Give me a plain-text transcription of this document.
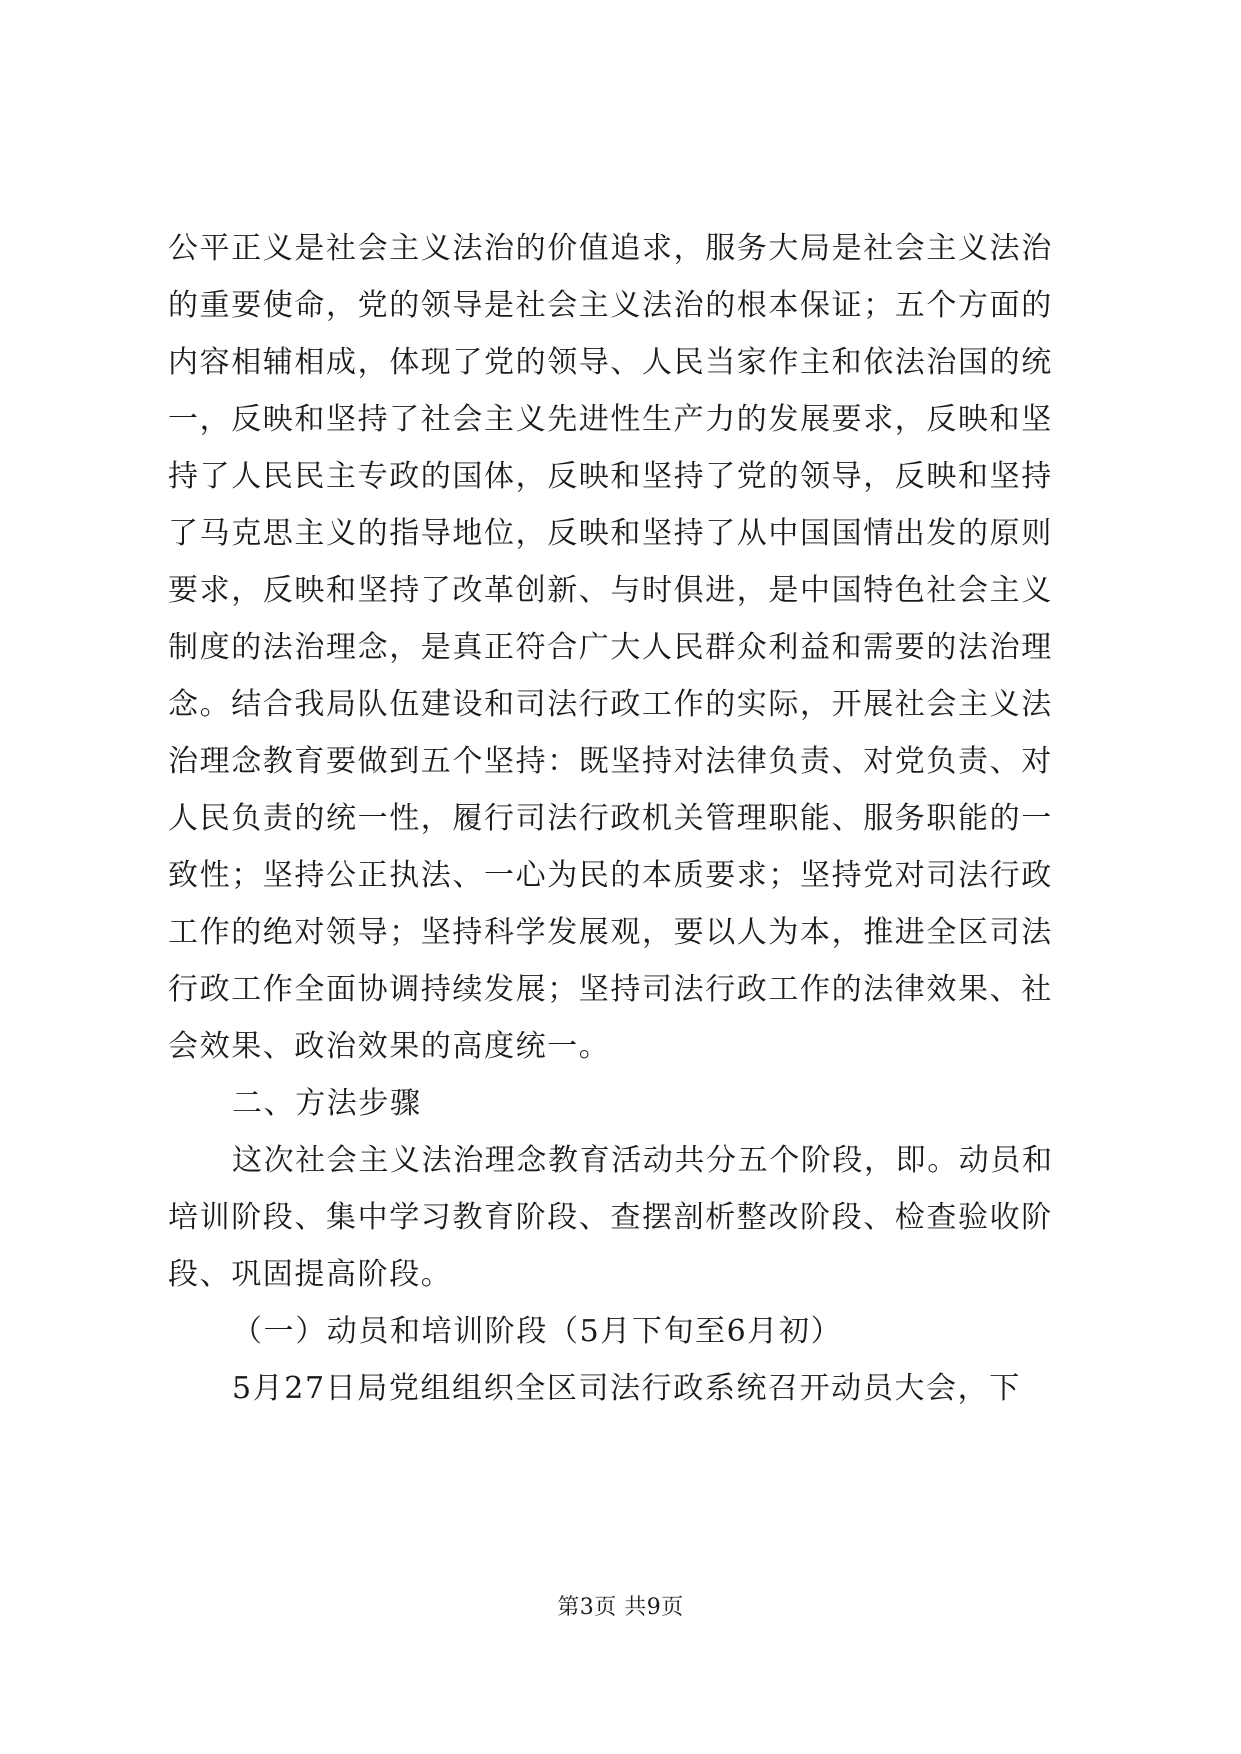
公平正义是社会主义法治的价值追求，服务大局是社会主义法治
的重要使命，党的领导是社会主义法治的根本保证；五个方面的
内容相辅相成，体现了党的领导、人民当家作主和依法治国的统
一，反映和坚持了社会主义先进性生产力的发展要求，反映和坚
持了人民民主专政的国体，反映和坚持了党的领导，反映和坚持
了马克思主义的指导地位，反映和坚持了从中国国情出发的原则
要求，反映和坚持了改革创新、与时俱进，是中国特色社会主义
制度的法治理念，是真正符合广大人民群众利益和需要的法治理
念。结合我局队伍建设和司法行政工作的实际，开展社会主义法
治理念教育要做到五个坚持：既坚持对法律负责、对党负责、对
人民负责的统一性，履行司法行政机关管理职能、服务职能的一
致性；坚持公正执法、一心为民的本质要求；坚持党对司法行政
工作的绝对领导；坚持科学发展观，要以人为本，推进全区司法
行政工作全面协调持续发展；坚持司法行政工作的法律效果、社
会效果、政治效果的高度统一。
二、方法步骤
这次社会主义法治理念教育活动共分五个阶段，即。动员和
培训阶段、集中学习教育阶段、查摆剖析整改阶段、检查验收阶
段、巩固提高阶段。
（一）动员和培训阶段（5月下旬至6月初）
5月27日局党组组织全区司法行政系统召开动员大会，下
第3页 共9页
